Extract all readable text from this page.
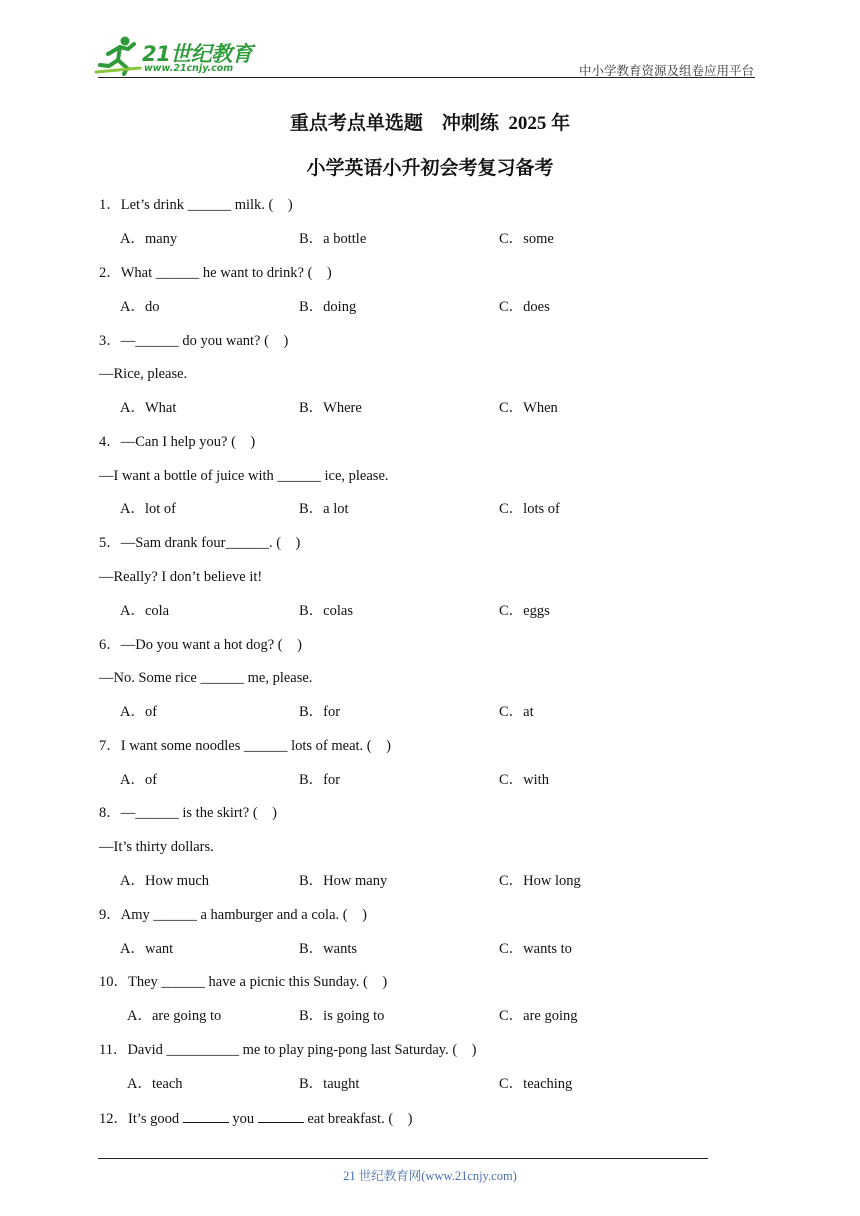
21世纪教育
www.21cnjy.com	中小学教育资源及组卷应用平台
重点考点单选题　冲刺练  2025 年
小学英语小升初会考复习备考
1．Let’s drink ______ milk. (    )
A．many	B．a bottle	C．some
2．What ______ he want to drink? (    )
A．do	B．doing	C．does
3．—______ do you want? (    )
—Rice, please.
A．What	B．Where	C．When
4．—Can I help you? (    )
—I want a bottle of juice with ______ ice, please.
A．lot of	B．a lot	C．lots of
5．—Sam drank four______. (    )
—Really? I don’t believe it!
A．cola	B．colas	C．eggs
6．—Do you want a hot dog? (    )
—No. Some rice ______ me, please.
A．of	B．for	C．at
7．I want some noodles ______ lots of meat. (    )
A．of	B．for	C．with
8．—______ is the skirt? (    )
—It’s thirty dollars.
A．How much	B．How many	C．How long
9．Amy ______ a hamburger and a cola. (    )
A．want	B．wants	C．wants to
10．They ______ have a picnic this Sunday. (    )
A．are going to	B．is going to	C．are going
11．David __________ me to play ping-pong last Saturday. (    )
A．teach	B．taught	C．teaching
12．It’s good	you	eat breakfast. (    )
21 世纪教育网(www.21cnjy.com)
